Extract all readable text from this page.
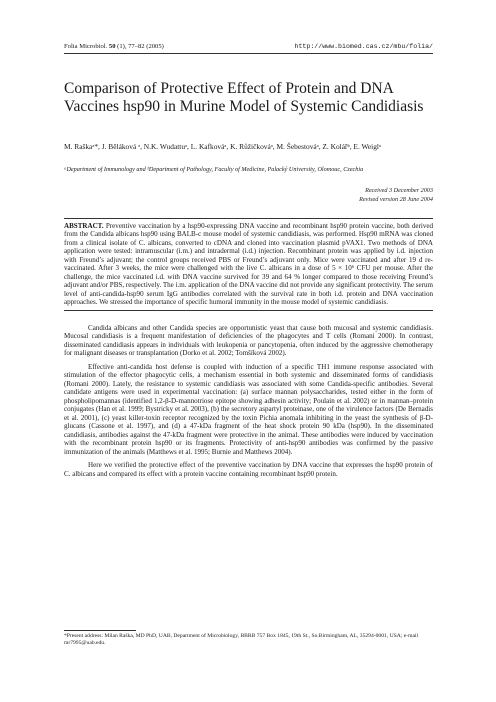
Folia Microbiol. 50 (1), 77–82 (2005)	http://www.biomed.cas.cz/mbu/folia/
Comparison of Protective Effect of Protein and DNA Vaccines hsp90 in Murine Model of Systemic Candidiasis
M. Raškaᵃ*, J. Běláková ᵃ, N.K. Wudattuᵃ, L. Kafkováᵃ, K. Růžičkováᵃ, M. Šebestováᵃ, Z. Kolářᵇ, E. Weiglᵃ
ᵃDepartment of Immunology and ᵇDepartment of Pathology, Faculty of Medicine, Palacký University, Olomouc, Czechia
Received 3 December 2003
Revised version 28 June 2004

ABSTRACT. Preventive vaccination by a hsp90-expressing DNA vaccine and recombinant hsp90 protein vaccine, both derived from the Candida albicans hsp90 using BALB-c mouse model of systemic candidiasis, was performed. Hsp90 mRNA was cloned from a clinical isolate of C. albicans, converted to cDNA and cloned into vaccination plasmid pVAX1. Two methods of DNA application were tested: intramuscular (i.m.) and intradermal (i.d.) injection. Recombinant protein was applied by i.d. injection with Freund’s adjuvant; the control groups received PBS or Freund’s adjuvant only. Mice were vaccinated and after 19 d re-vaccinated. After 3 weeks, the mice were challenged with the live C. albicans in a dose of 5 × 10⁶ CFU per mouse. After the challenge, the mice vaccinated i.d. with DNA vaccine survived for 39 and 64 % longer compared to those receiving Freund’s adjuvant and/or PBS, respectively. The i.m. application of the DNA vaccine did not provide any significant protectivity. The serum level of anti-candida-hsp90 serum IgG antibodies correlated with the survival rate in both i.d. protein and DNA vaccination approaches. We stressed the importance of specific humoral immunity in the mouse model of systemic candidiasis.

Candida albicans and other Candida species are opportunistic yeast that cause both mucosal and systemic candidiasis. Mucosal candidiasis is a frequent manifestation of deficiencies of the phagocytes and T cells (Romani 2000). In contrast, disseminated candidiasis appears in individuals with leukopenia or pancytopenia, often induced by the aggressive chemotherapy for malignant diseases or transplantation (Dorko et al. 2002; Tomšíková 2002).

Effective anti-candida host defense is coupled with induction of a specific TH1 immune response associated with stimulation of the effector phagocytic cells, a mechanism essential in both systemic and disseminated forms of candidiasis (Romani 2000). Lately, the resistance to systemic candidiasis was associated with some Candida-specific antibodies. Several candidate antigens were used in experimental vaccination: (a) surface mannan polysaccharides, tested either in the form of phospholipomannas (identified 1,2-β-D-mannotriose epitope showing adhesin activity; Poulain et al. 2002) or in mannan–protein conjugates (Han et al. 1999; Bystricky et al. 2003), (b) the secretory aspartyl proteinase, one of the virulence factors (De Bernadis et al. 2001), (c) yeast killer-toxin receptor recognized by the toxin Pichia anomala inhibiting in the yeast the synthesis of β-D-glucans (Cassone et al. 1997), and (d) a 47-kDa fragment of the heat shock protein 90 kDa (hsp90). In the disseminated candidiasis, antibodies against the 47-kDa fragment were protective in the animal. These antibodies were induced by vaccination with the recombinant protein hsp90 or its fragments. Protectivity of anti-hsp90 antibodies was confirmed by the passive immunization of the animals (Matthews et al. 1995; Burnie and Matthews 2004).

Here we verified the protective effect of the preventive vaccination by DNA vaccine that expresses the hsp90 protein of C. albicans and compared its effect with a protein vaccine containing recombinant hsp90 protein.

*Present address: Milan Raška, MD PhD, UAB, Department of Microbiology, BBRB 757 Box 1845, 19th St., So.Birmingham, AL, 35294-0001, USA; e-mail mr7995@uab.edu.
